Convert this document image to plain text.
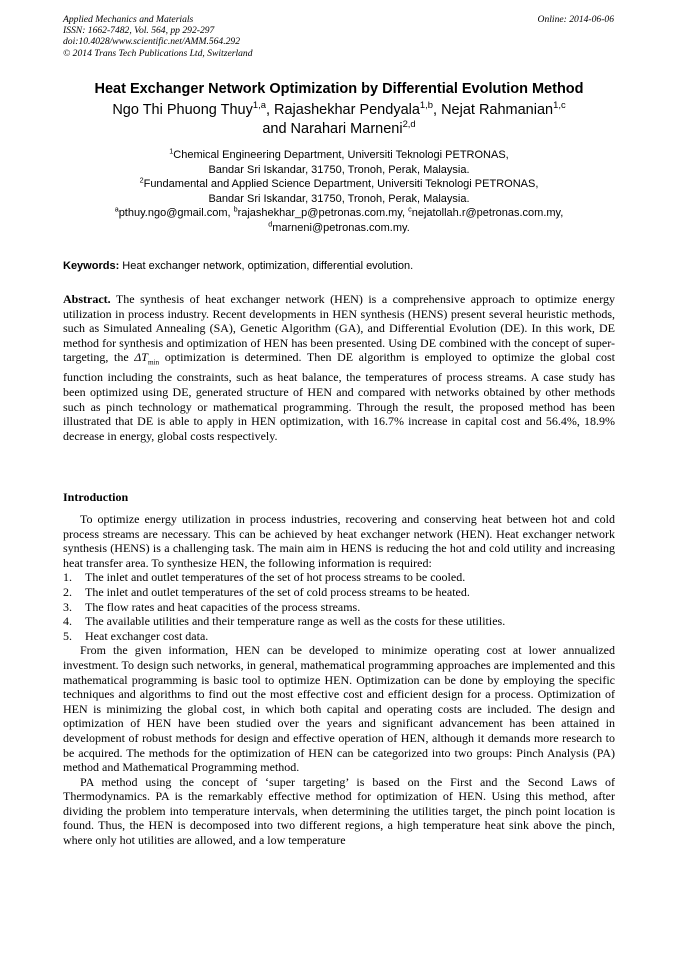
Applied Mechanics and Materials
ISSN: 1662-7482, Vol. 564, pp 292-297
doi:10.4028/www.scientific.net/AMM.564.292
© 2014 Trans Tech Publications Ltd, Switzerland
Online: 2014-06-06
Heat Exchanger Network Optimization by Differential Evolution Method
Ngo Thi Phuong Thuy$^{1,a}$, Rajashekhar Pendyala$^{1,b}$, Nejat Rahmanian$^{1,c}$
and Narahari Marneni$^{2,d}$
$^1$Chemical Engineering Department, Universiti Teknologi PETRONAS,
Bandar Sri Iskandar, 31750, Tronoh, Perak, Malaysia.
$^2$Fundamental and Applied Science Department, Universiti Teknologi PETRONAS,
Bandar Sri Iskandar, 31750, Tronoh, Perak, Malaysia.
$^a$pthuy.ngo@gmail.com, $^b$rajashekhar_p@petronas.com.my, $^c$nejatollah.r@petronas.com.my,
$^d$marneni@petronas.com.my.
Keywords: Heat exchanger network, optimization, differential evolution.

Abstract. The synthesis of heat exchanger network (HEN) is a comprehensive approach to optimize energy utilization in process industry. Recent developments in HEN synthesis (HENS) present several heuristic methods, such as Simulated Annealing (SA), Genetic Algorithm (GA), and Differential Evolution (DE). In this work, DE method for synthesis and optimization of HEN has been presented. Using DE combined with the concept of super-targeting, the $\Delta T_{min}$ optimization is determined. Then DE algorithm is employed to optimize the global cost function including the constraints, such as heat balance, the temperatures of process streams. A case study has been optimized using DE, generated structure of HEN and compared with networks obtained by other methods such as pinch technology or mathematical programming. Through the result, the proposed method has been illustrated that DE is able to apply in HEN optimization, with 16.7% increase in capital cost and 56.4%, 18.9% decrease in energy, global costs respectively.

Introduction

To optimize energy utilization in process industries, recovering and conserving heat between hot and cold process streams are necessary. This can be achieved by heat exchanger network (HEN). Heat exchanger network synthesis (HENS) is a challenging task. The main aim in HENS is reducing the hot and cold utility and increasing heat transfer area. To synthesize HEN, the following information is required:

1. The inlet and outlet temperatures of the set of hot process streams to be cooled.
2. The inlet and outlet temperatures of the set of cold process streams to be heated.
3. The flow rates and heat capacities of the process streams.
4. The available utilities and their temperature range as well as the costs for these utilities.
5. Heat exchanger cost data.

From the given information, HEN can be developed to minimize operating cost at lower annualized investment. To design such networks, in general, mathematical programming approaches are implemented and this mathematical programming is basic tool to optimize HEN. Optimization can be done by employing the specific techniques and algorithms to find out the most effective cost and efficient design for a process. Optimization of HEN is minimizing the global cost, in which both capital and operating costs are included. The design and optimization of HEN have been studied over the years and significant advancement has been attained in development of robust methods for design and effective operation of HEN, although it demands more research to be acquired. The methods for the optimization of HEN can be categorized into two groups: Pinch Analysis (PA) method and Mathematical Programming method.

PA method using the concept of ‘super targeting’ is based on the First and the Second Laws of Thermodynamics. PA is the remarkably effective method for optimization of HEN. Using this method, after dividing the problem into temperature intervals, when determining the utilities target, the pinch point location is found. Thus, the HEN is decomposed into two different regions, a high temperature heat sink above the pinch, where only hot utilities are allowed, and a low temperature
